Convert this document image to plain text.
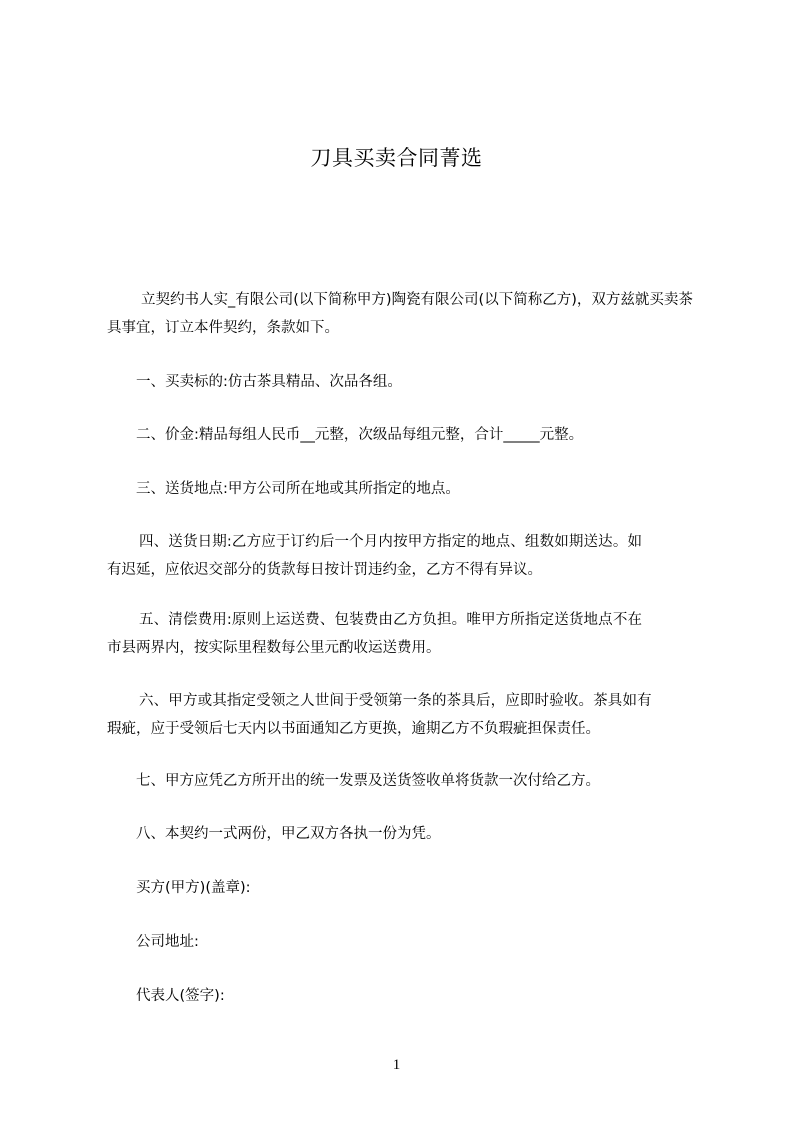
刀具买卖合同菁选

立契约书人实_有限公司(以下简称甲方)陶瓷有限公司(以下简称乙方)，双方兹就买卖茶具事宜，订立本件契约，条款如下。

一、买卖标的:仿古茶具精品、次品各组。
二、价金:精品每组人民币__元整，次级品每组元整，合计_____元整。
三、送货地点:甲方公司所在地或其所指定的地点。
四、送货日期:乙方应于订约后一个月内按甲方指定的地点、组数如期送达。如
有迟延，应依迟交部分的货款每日按计罚违约金，乙方不得有异议。
五、清偿费用:原则上运送费、包装费由乙方负担。唯甲方所指定送货地点不在
市县两界内，按实际里程数每公里元酌收运送费用。
六、甲方或其指定受领之人世间于受领第一条的茶具后，应即时验收。茶具如有
瑕疵，应于受领后七天内以书面通知乙方更换，逾期乙方不负瑕疵担保责任。
七、甲方应凭乙方所开出的统一发票及送货签收单将货款一次付给乙方。
八、本契约一式两份，甲乙双方各执一份为凭。
买方(甲方)(盖章):
公司地址:
代表人(签字):
1
